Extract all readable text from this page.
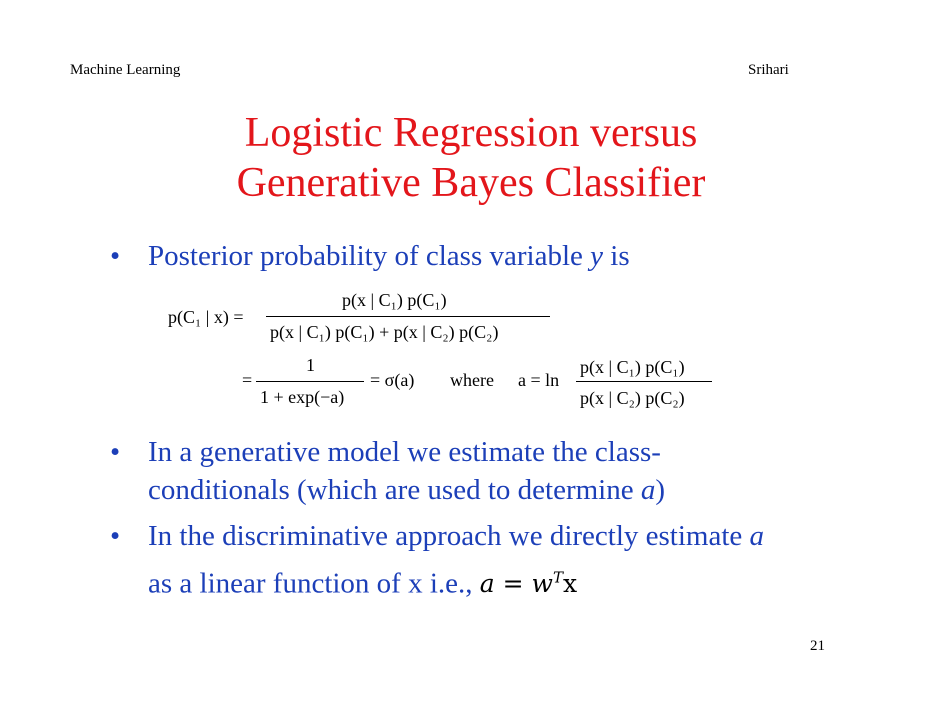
Machine Learning	Srihari
Logistic Regression versus
Generative Bayes Classifier
• Posterior probability of class variable y is
p(C₁ | x) =
p(x | C₁) p(C₁)
p(x | C₁) p(C₁) + p(x | C₂) p(C₂)
=
1
1 + exp(−a)
= σ(a) where a = ln
p(x | C₁) p(C₁)
p(x | C₂) p(C₂)
• In a generative model we estimate the class-
conditionals (which are used to determine a)
• In the discriminative approach we directly estimate a
as a linear function of x i.e., $a = w^Tx$
21
